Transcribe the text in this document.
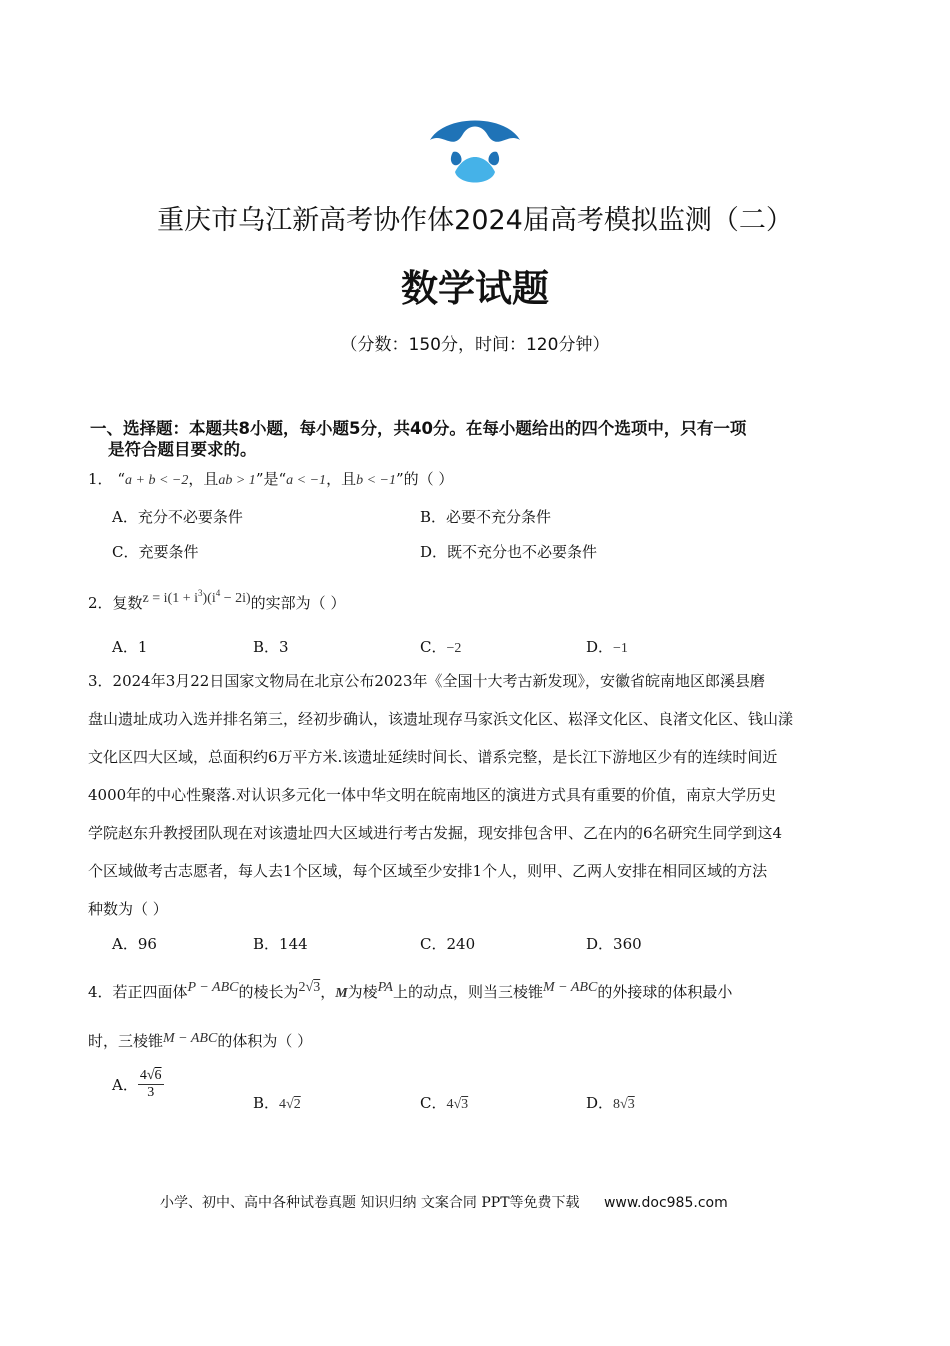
重庆市乌江新高考协作体2024届高考模拟监测（二）
数学试题
（分数：150分，时间：120分钟）
一、选择题：本题共8小题，每小题5分，共40分。在每小题给出的四个选项中，只有一项
是符合题目要求的。
1． “a + b < −2，且ab > 1”是“a < −1，且b < −1”的（ ）
A．充分不必要条件	B．必要不充分条件
C．充要条件	D．既不充分也不必要条件
2．复数$z = i(1 + i^3)(i^4 - 2i)$的实部为（ ）
A．1	B．3	C．−2	D．−1
3．2024年3月22日国家文物局在北京公布2023年《全国十大考古新发现》，安徽省皖南地区郎溪县磨
盘山遗址成功入选并排名第三，经初步确认，该遗址现存马家浜文化区、崧泽文化区、良渚文化区、钱山漾
文化区四大区域，总面积约6万平方米.该遗址延续时间长、谱系完整，是长江下游地区少有的连续时间近
4000年的中心性聚落.对认识多元化一体中华文明在皖南地区的演进方式具有重要的价值，南京大学历史
学院赵东升教授团队现在对该遗址四大区域进行考古发掘，现安排包含甲、乙在内的6名研究生同学到这4
个区域做考古志愿者，每人去1个区域，每个区域至少安排1个人，则甲、乙两人安排在相同区域的方法
种数为（ ）
A．96	B．144	C．240	D．360
4．若正四面体P − ABC的棱长为2√3，M为棱PA上的动点，则当三棱锥M − ABC的外接球的体积最小
时，三棱锥M − ABC的体积为（ ）
A． $\frac{4√6}{3}$
B．4√2	C．4√3	D．8√3
小学、初中、高中各种试卷真题 知识归纳 文案合同 PPT等免费下载 www.doc985.com
